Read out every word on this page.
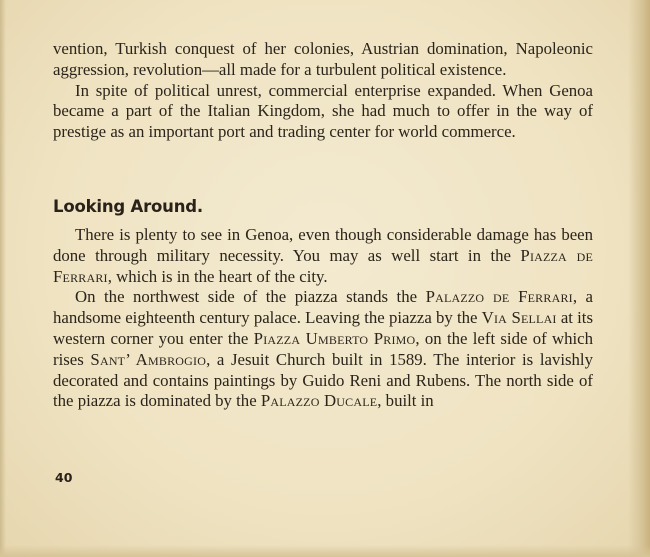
vention, Turkish conquest of her colonies, Austrian domination, Napoleonic aggression, revolution—all made for a turbulent political existence.

In spite of political unrest, commercial enterprise expanded. When Genoa became a part of the Italian Kingdom, she had much to offer in the way of prestige as an important port and trading center for world commerce.

Looking Around.

There is plenty to see in Genoa, even though considerable damage has been done through military necessity. You may as well start in the Piazza de Ferrari, which is in the heart of the city.

On the northwest side of the piazza stands the Palazzo de Ferrari, a handsome eighteenth century palace. Leaving the piazza by the Via Sellai at its western corner you enter the Piazza Umberto Primo, on the left side of which rises Sant’ Ambrogio, a Jesuit Church built in 1589. The interior is lavishly decorated and contains paintings by Guido Reni and Rubens. The north side of the piazza is dominated by the Palazzo Ducale, built in

40
